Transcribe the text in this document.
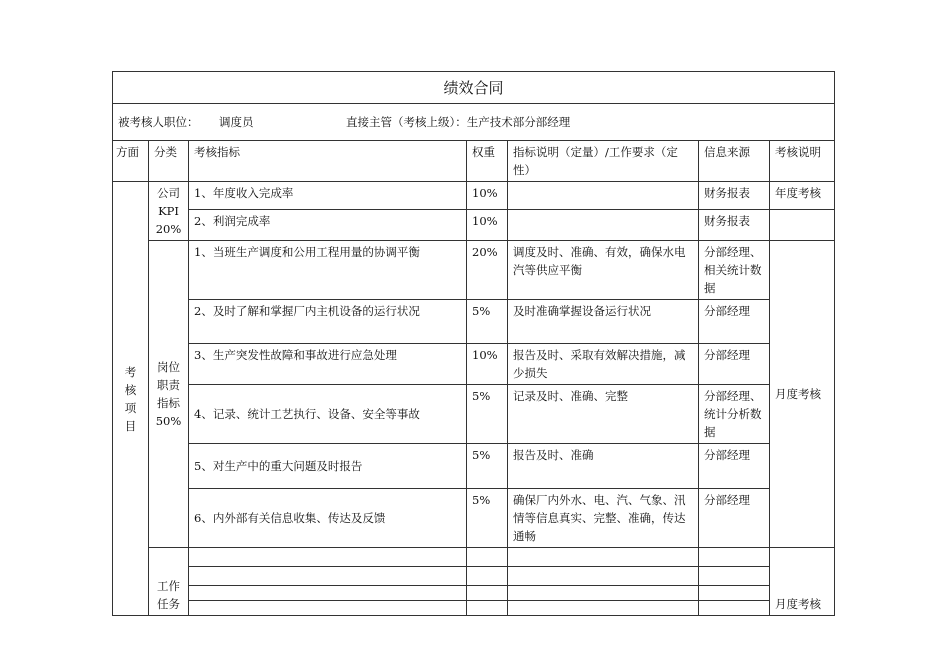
绩效合同						
被考核人职位： 调度员 直接主管（考核上级）：生产技术部分部经理						
方面	分类	考核指标	权重	指标说明（定量）/工作要求（定性）	信息来源	考核说明

考核项目	公司KPI 20%	1、年度收入完成率	10%		财务报表	年度考核
		2、利润完成率	10%		财务报表	
	岗位职责指标50%	1、当班生产调度和公用工程用量的协调平衡	20%	调度及时、准确、有效，确保水电汽等供应平衡	分部经理、相关统计数据	月度考核
		2、及时了解和掌握厂内主机设备的运行状况	5%	及时准确掌握设备运行状况	分部经理	
		3、生产突发性故障和事故进行应急处理	10%	报告及时、采取有效解决措施，减少损失	分部经理	
		4、记录、统计工艺执行、设备、安全等事故	5%	记录及时、准确、完整	分部经理、统计分析数据	
		5、对生产中的重大问题及时报告	5%	报告及时、准确	分部经理	
		6、内外部有关信息收集、传达及反馈	5%	确保厂内外水、电、汽、气象、汛情等信息真实、完整、准确，传达通畅	分部经理	

	工作任务					月度考核
